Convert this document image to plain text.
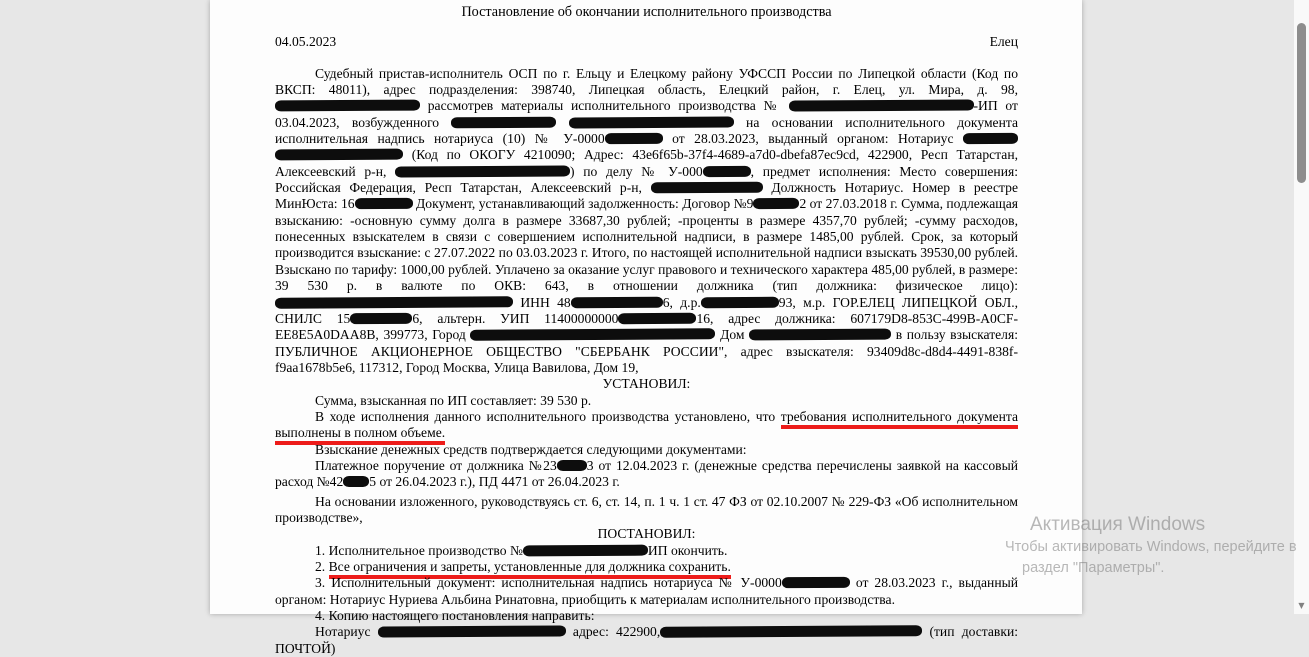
Постановление об окончании исполнительного производства
04.05.2023	Елец

Судебный пристав-исполнитель ОСП по г. Ельцу и Елецкому району УФССП России по Липецкой области (Код по ВКСП: 48011), адрес подразделения: 398740, Липецкая область, Елецкий район, г. Елец, ул. Мира, д. 98,  рассмотрев материалы исполнительного производства №	-ИП от 03.04.2023, возбужденного	на основании исполнительного документа исполнительная надпись нотариуса (10) № У-0000	от 28.03.2023, выданный органом: Нотариус   (Код по ОКОГУ 4210090; Адрес: 43e6f65b-37f4-4689-a7d0-dbefa87ec9cd, 422900, Респ Татарстан, Алексеевский р-н,	) по делу № У-000	, предмет исполнения: Место совершения: Российская Федерация, Респ Татарстан, Алексеевский р-н,	Должность Нотариус. Номер в реестре МинЮста: 16	Документ, устанавливающий задолженность: Договор №9	2 от 27.03.2018 г. Сумма, подлежащая взысканию: -основную сумму долга в размере 33687,30 рублей; -проценты в размере 4357,70 рублей; -сумму расходов, понесенных взыскателем в связи с совершением исполнительной надписи, в размере 1485,00 рублей. Срок, за который производится взыскание: с 27.07.2022 по 03.03.2023 г. Итого, по настоящей исполнительной надписи взыскать 39530,00 рублей. Взыскано по тарифу: 1000,00 рублей. Уплачено за оказание услуг правового и технического характера 485,00 рублей, в размере: 39 530 р. в валюте по ОКВ: 643, в отношении должника (тип должника: физическое лицо):  ИНН 48	6, д.р.	93, м.р. ГОР.ЕЛЕЦ ЛИПЕЦКОЙ ОБЛ., СНИЛС 15	6, альтерн. УИП 11400000000	16, адрес должника: 607179D8-853C-499B-A0CF-EE8E5A0DAA8B, 399773, Город	Дом	в пользу взыскателя: ПУБЛИЧНОЕ АКЦИОНЕРНОЕ ОБЩЕСТВО "СБЕРБАНК РОССИИ", адрес взыскателя: 93409d8c-d8d4-4491-838f-f9aa1678b5e6, 117312, Город Москва, Улица Вавилова, Дом 19,

УСТАНОВИЛ:

Сумма, взысканная по ИП составляет: 39 530 р.

В ходе исполнения данного исполнительного производства установлено, что требования исполнительного документа выполнены в полном объеме.

Взыскание денежных средств подтверждается следующими документами:

Платежное поручение от должника №23 3 от 12.04.2023 г. (денежные средства перечислены заявкой на кассовый расход №42 5 от 26.04.2023 г.), ПД 4471 от 26.04.2023 г.

На основании изложенного, руководствуясь ст. 6, ст. 14, п. 1 ч. 1 ст. 47 ФЗ от 02.10.2007 № 229-ФЗ «Об исполнительном производстве»,

ПОСТАНОВИЛ:

1. Исполнительное производство №	ИП окончить.

2. Все ограничения и запреты, установленные для должника сохранить.

3. Исполнительный документ: исполнительная надпись нотариуса № У-0000	от 28.03.2023 г., выданный органом: Нотариус Нуриева Альбина Ринатовна, приобщить к материалам исполнительного производства.

4. Копию настоящего постановления направить:

Нотариус	адрес: 422900,	(тип доставки: ПОЧТОЙ)

Активация Windows
Чтобы активировать Windows, перейдите в
раздел "Параметры".
▼
